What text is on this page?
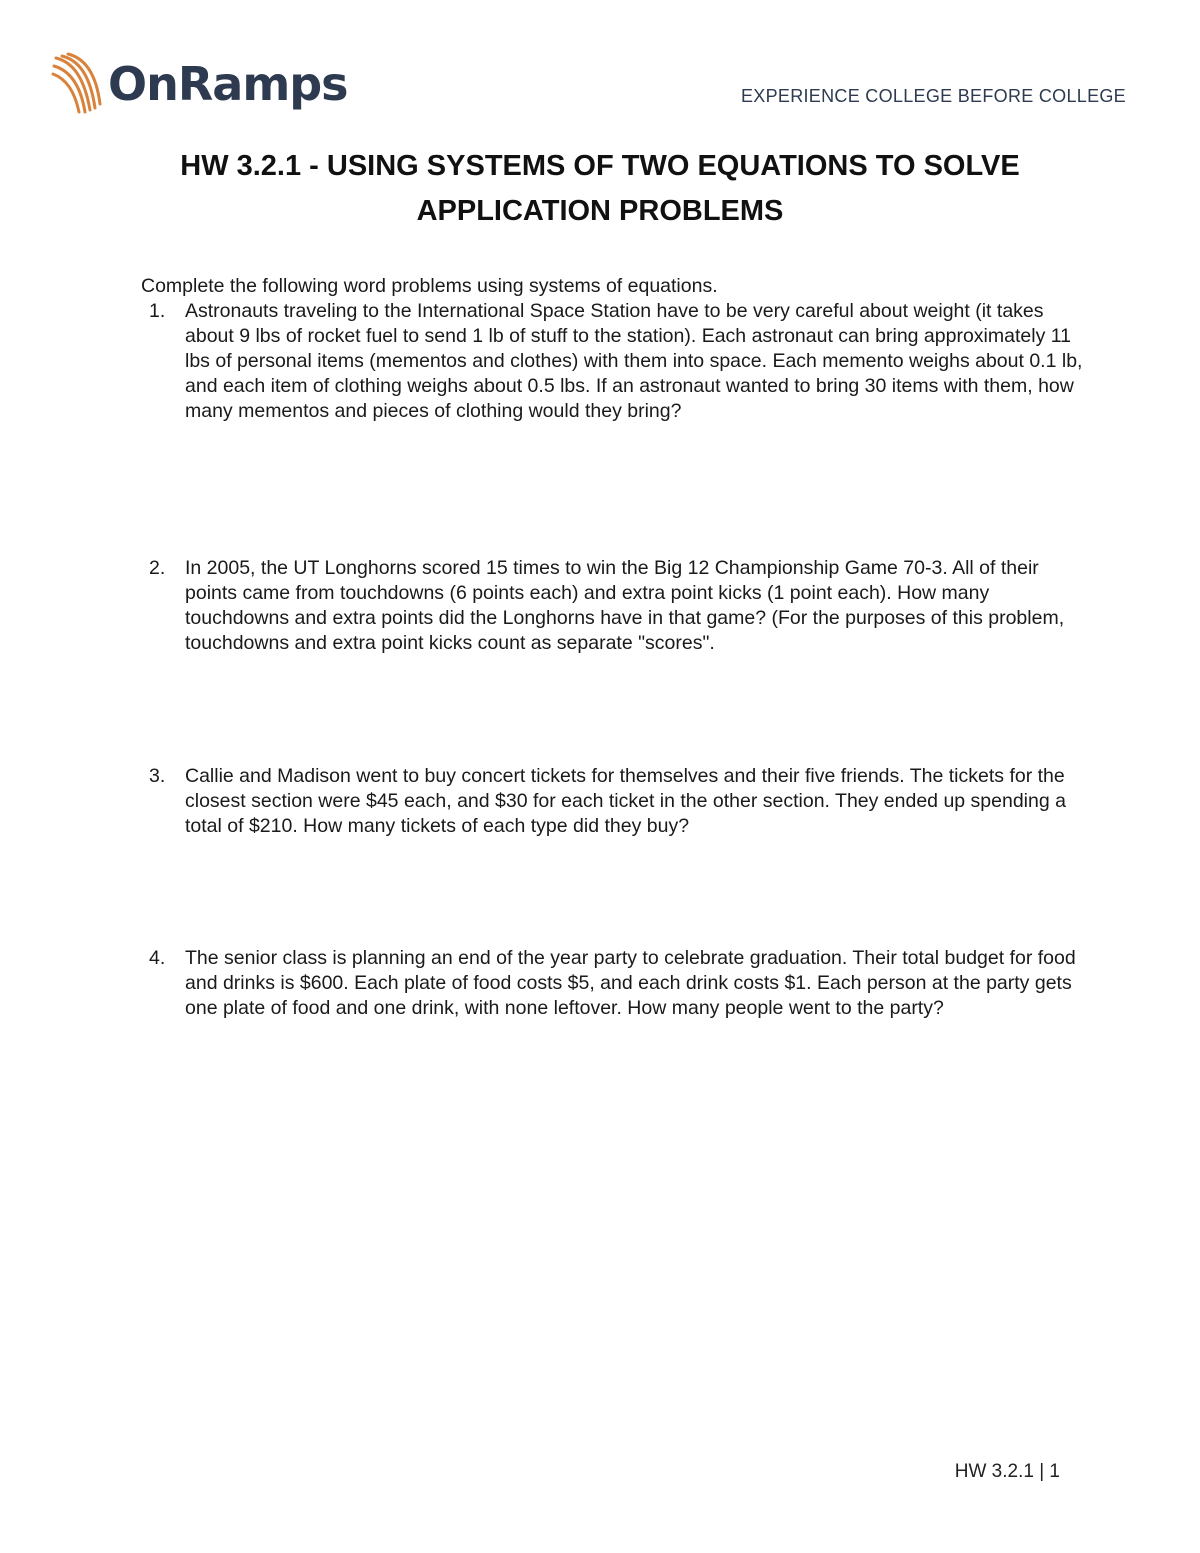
OnRamps	EXPERIENCE COLLEGE BEFORE COLLEGE
HW 3.2.1 - USING SYSTEMS OF TWO EQUATIONS TO SOLVE
APPLICATION PROBLEMS
Complete the following word problems using systems of equations.
1. Astronauts traveling to the International Space Station have to be very careful about weight (it takes about 9 lbs of rocket fuel to send 1 lb of stuff to the station). Each astronaut can bring approximately 11 lbs of personal items (mementos and clothes) with them into space. Each memento weighs about 0.1 lb, and each item of clothing weighs about 0.5 lbs. If an astronaut wanted to bring 30 items with them, how many mementos and pieces of clothing would they bring?
2. In 2005, the UT Longhorns scored 15 times to win the Big 12 Championship Game 70-3. All of their points came from touchdowns (6 points each) and extra point kicks (1 point each). How many touchdowns and extra points did the Longhorns have in that game? (For the purposes of this problem, touchdowns and extra point kicks count as separate "scores".
3. Callie and Madison went to buy concert tickets for themselves and their five friends. The tickets for the closest section were $45 each, and $30 for each ticket in the other section. They ended up spending a total of $210. How many tickets of each type did they buy?
4. The senior class is planning an end of the year party to celebrate graduation. Their total budget for food and drinks is $600. Each plate of food costs $5, and each drink costs $1. Each person at the party gets one plate of food and one drink, with none leftover. How many people went to the party?
HW 3.2.1 | 1
